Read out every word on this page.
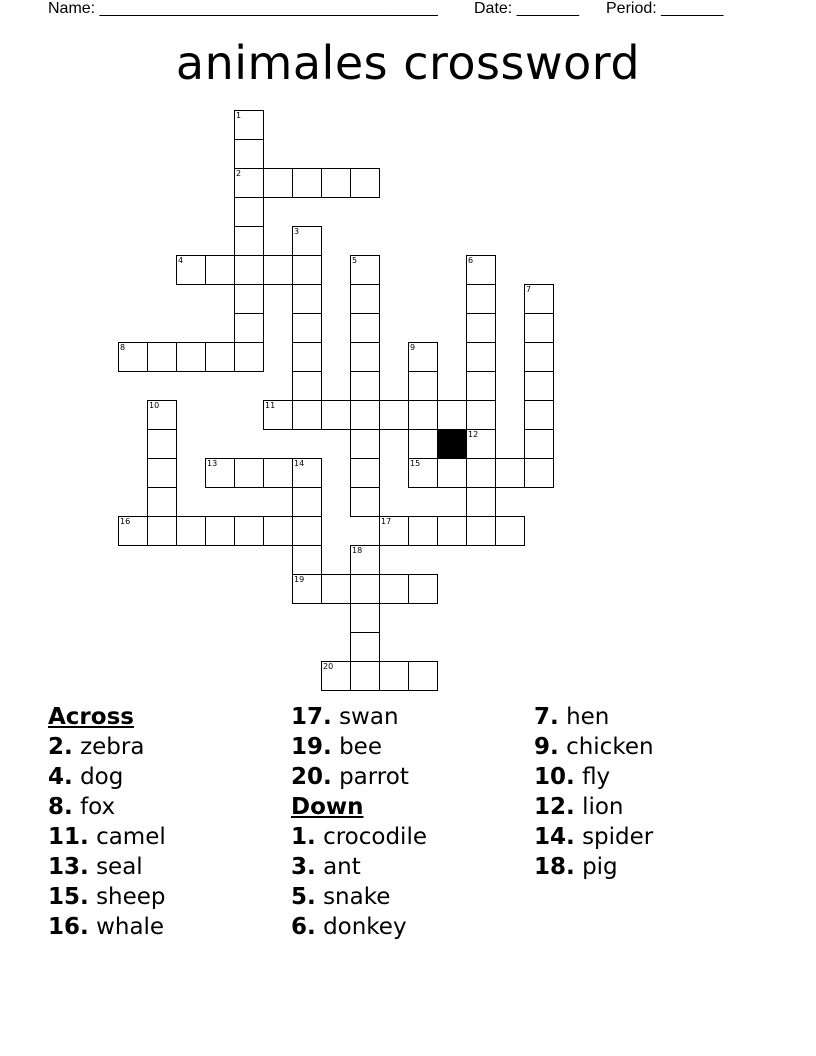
Name: ______________________________________ Date: _______ Period: _______
animales crossword
1
2
3
4	5	6
7
8	9
10	11
12
13	14	15
16	17
18
19
20
Across
2. zebra
4. dog
8. fox
11. camel
13. seal
15. sheep
16. whale
17. swan
19. bee
20. parrot
Down
1. crocodile
3. ant
5. snake
6. donkey
7. hen
9. chicken
10. fly
12. lion
14. spider
18. pig
